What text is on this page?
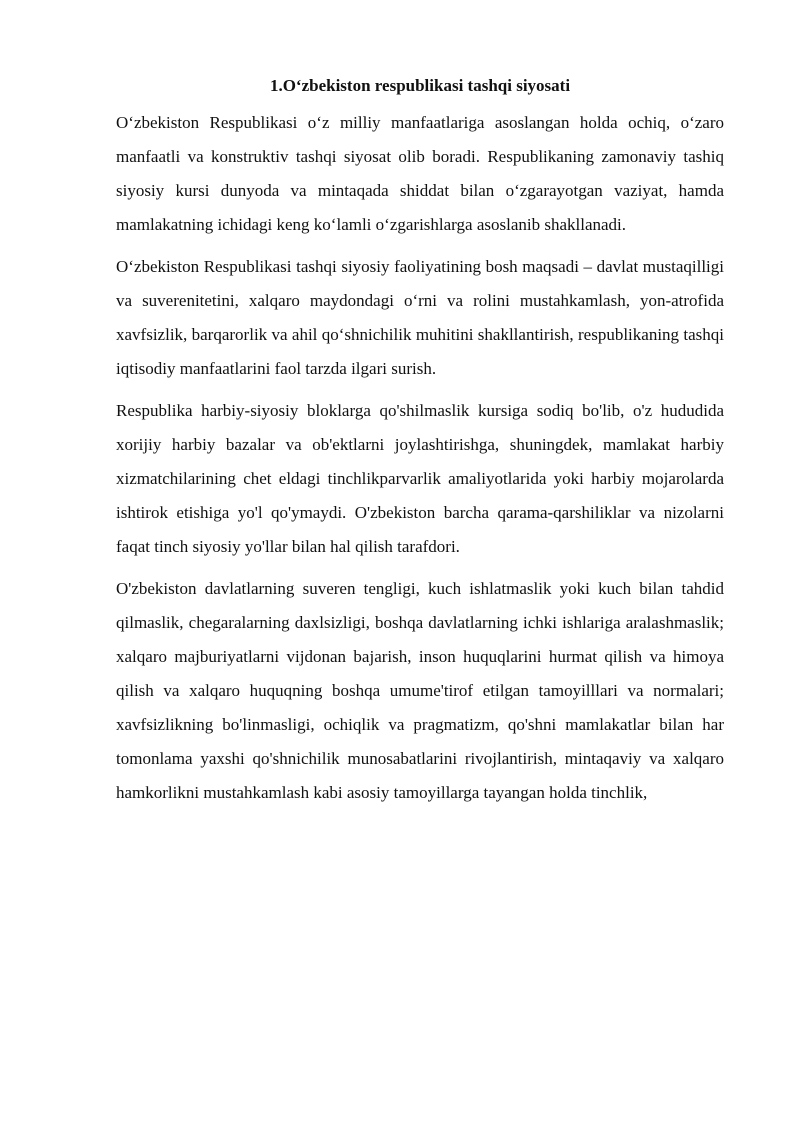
1.O‘zbekiston respublikasi tashqi siyosati

O‘zbekiston Respublikasi o‘z milliy manfaatlariga asoslangan holda ochiq, o‘zaro manfaatli va konstruktiv tashqi siyosat olib boradi. Respublikaning zamonaviy tashiq siyosiy kursi dunyoda va mintaqada shiddat bilan o‘zgarayotgan vaziyat, hamda mamlakatning ichidagi keng ko‘lamli o‘zgarishlarga asoslanib shakllanadi.

O‘zbekiston Respublikasi tashqi siyosiy faoliyatining bosh maqsadi – davlat mustaqilligi va suverenitetini, xalqaro maydondagi o‘rni va rolini mustahkamlash, yon-atrofida xavfsizlik, barqarorlik va ahil qo‘shnichilik muhitini shakllantirish, respublikaning tashqi iqtisodiy manfaatlarini faol tarzda ilgari surish.

Respublika harbiy-siyosiy bloklarga qo'shilmaslik kursiga sodiq bo'lib, o'z hududida xorijiy harbiy bazalar va ob'ektlarni joylashtirishga, shuningdek, mamlakat harbiy xizmatchilarining chet eldagi tinchlikparvarlik amaliyotlarida yoki harbiy mojarolarda ishtirok etishiga yo'l qo'ymaydi. O'zbekiston barcha qarama-qarshiliklar va nizolarni faqat tinch siyosiy yo'llar bilan hal qilish tarafdori.

O'zbekiston davlatlarning suveren tengligi, kuch ishlatmaslik yoki kuch bilan tahdid qilmaslik, chegaralarning daxlsizligi, boshqa davlatlarning ichki ishlariga aralashmaslik; xalqaro majburiyatlarni vijdonan bajarish, inson huquqlarini hurmat qilish va himoya qilish va xalqaro huquqning boshqa umume'tirof etilgan tamoyilllari va normalari; xavfsizlikning bo'linmasligi, ochiqlik va pragmatizm, qo'shni mamlakatlar bilan har tomonlama yaxshi qo'shnichilik munosabatlarini rivojlantirish, mintaqaviy va xalqaro hamkorlikni mustahkamlash kabi asosiy tamoyillarga tayangan holda tinchlik,
